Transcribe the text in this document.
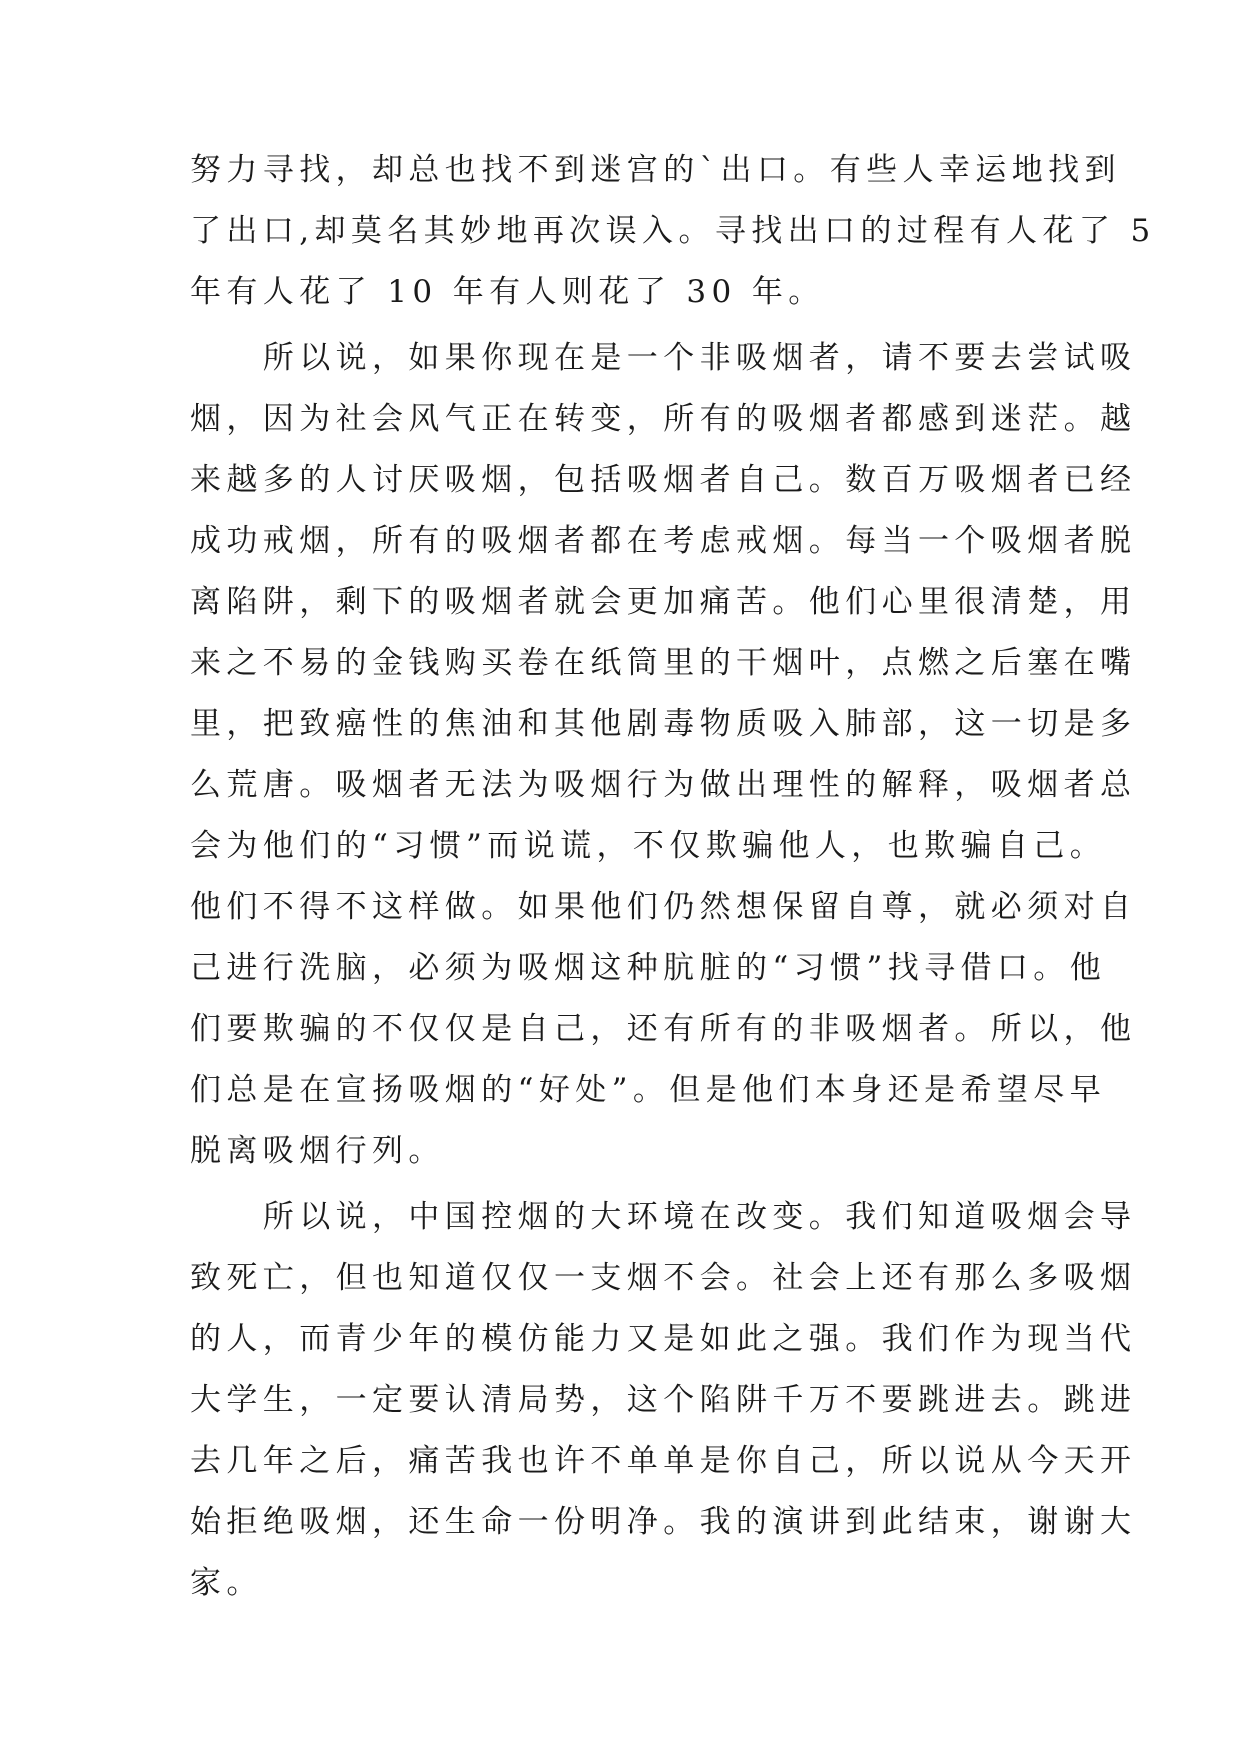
努力寻找，却总也找不到迷宫的`出口。有些人幸运地找到
了出口,却莫名其妙地再次误入。寻找出口的过程有人花了 5
年有人花了 10 年有人则花了 30 年。
　　所以说，如果你现在是一个非吸烟者，请不要去尝试吸
烟，因为社会风气正在转变，所有的吸烟者都感到迷茫。越
来越多的人讨厌吸烟，包括吸烟者自己。数百万吸烟者已经
成功戒烟，所有的吸烟者都在考虑戒烟。每当一个吸烟者脱
离陷阱，剩下的吸烟者就会更加痛苦。他们心里很清楚，用
来之不易的金钱购买卷在纸筒里的干烟叶，点燃之后塞在嘴
里，把致癌性的焦油和其他剧毒物质吸入肺部，这一切是多
么荒唐。吸烟者无法为吸烟行为做出理性的解释，吸烟者总
会为他们的“习惯”而说谎，不仅欺骗他人，也欺骗自己。
他们不得不这样做。如果他们仍然想保留自尊，就必须对自
己进行洗脑，必须为吸烟这种肮脏的“习惯”找寻借口。他
们要欺骗的不仅仅是自己，还有所有的非吸烟者。所以，他
们总是在宣扬吸烟的“好处”。但是他们本身还是希望尽早
脱离吸烟行列。
　　所以说，中国控烟的大环境在改变。我们知道吸烟会导
致死亡，但也知道仅仅一支烟不会。社会上还有那么多吸烟
的人，而青少年的模仿能力又是如此之强。我们作为现当代
大学生，一定要认清局势，这个陷阱千万不要跳进去。跳进
去几年之后，痛苦我也许不单单是你自己，所以说从今天开
始拒绝吸烟，还生命一份明净。我的演讲到此结束，谢谢大
家。
